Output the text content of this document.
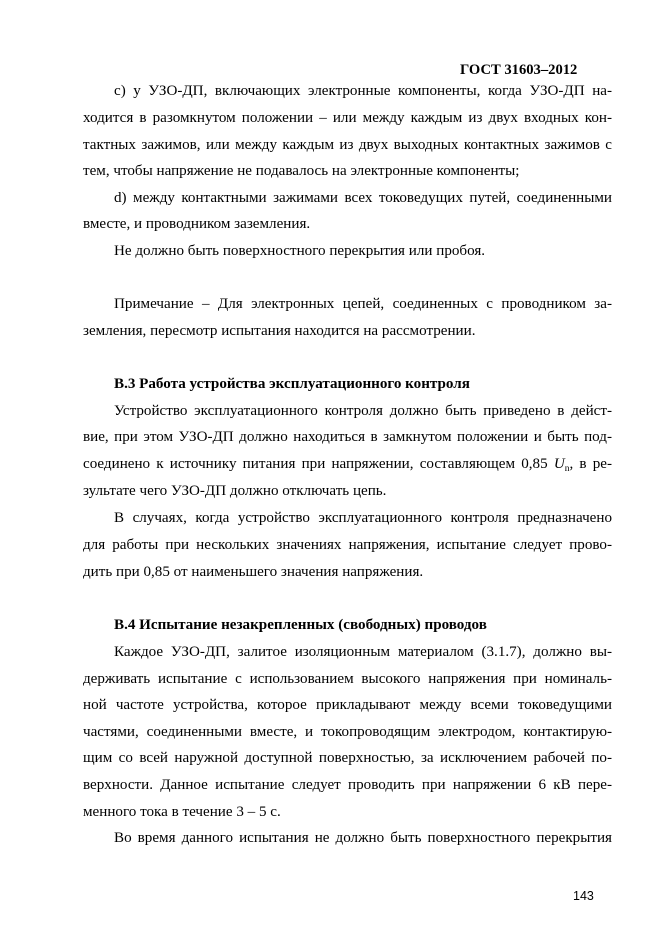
ГОСТ 31603–2012
c) у УЗО-ДП, включающих электронные компоненты, когда УЗО-ДП на-
ходится в разомкнутом положении – или между каждым из двух входных кон-
тактных зажимов, или между каждым из двух выходных контактных зажимов с
тем, чтобы напряжение не подавалось на электронные компоненты;
d) между контактными зажимами всех токоведущих путей, соединенными
вместе, и проводником заземления.
Не должно быть поверхностного перекрытия или пробоя.
Примечание – Для электронных цепей, соединенных с проводником за-
земления, пересмотр испытания находится на рассмотрении.
B.3 Работа устройства эксплуатационного контроля
Устройство эксплуатационного контроля должно быть приведено в дейст-
вие, при этом УЗО-ДП должно находиться в замкнутом положении и быть под-
соединено к источнику питания при напряжении, составляющем 0,85 Un, в ре-
зультате чего УЗО-ДП должно отключать цепь.
В случаях, когда устройство эксплуатационного контроля предназначено
для работы при нескольких значениях напряжения, испытание следует прово-
дить при 0,85 от наименьшего значения напряжения.
B.4 Испытание незакрепленных (свободных) проводов
Каждое УЗО-ДП, залитое изоляционным материалом (3.1.7), должно вы-
держивать испытание с использованием высокого напряжения при номиналь-
ной частоте устройства, которое прикладывают между всеми токоведущими
частями, соединенными вместе, и токопроводящим электродом, контактирую-
щим со всей наружной доступной поверхностью, за исключением рабочей по-
верхности. Данное испытание следует проводить при напряжении 6 кВ пере-
менного тока в течение 3 – 5 с.
Во время данного испытания не должно быть поверхностного перекрытия
143
